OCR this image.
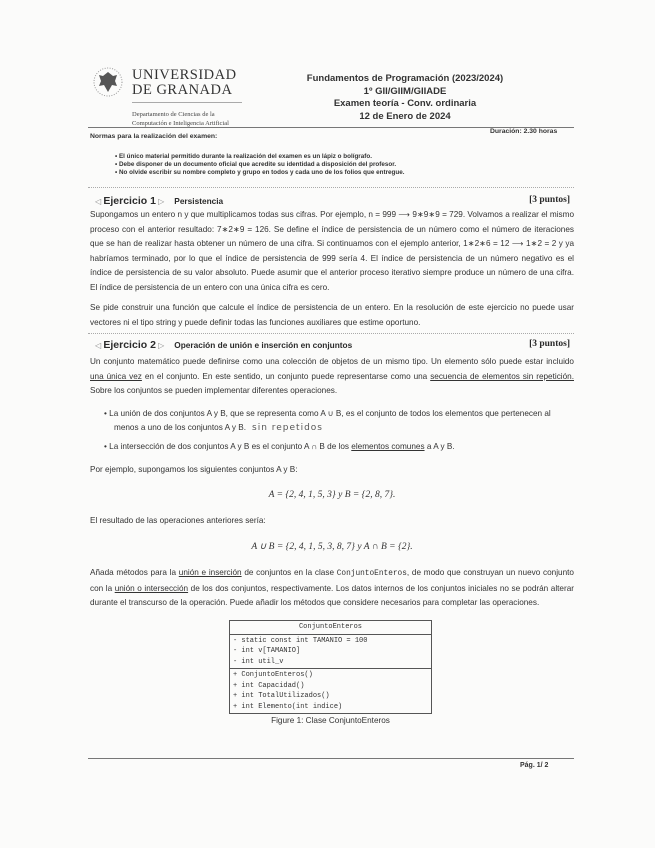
UNIVERSIDAD
DE GRANADA
Departamento de Ciencias de la
Computación e Inteligencia Artificial
Fundamentos de Programación (2023/2024)
1º GII/GIIM/GIIADE
Examen teoría - Conv. ordinaria
12 de Enero de 2024
Normas para la realización del examen:
Duración: 2.30 horas
• El único material permitido durante la realización del examen es un lápiz o bolígrafo.
• Debe disponer de un documento oficial que acredite su identidad a disposición del profesor.
• No olvide escribir su nombre completo y grupo en todos y cada uno de los folios que entregue.
◁ Ejercicio 1 ▷ Persistencia	[3 puntos]

Supongamos un entero n y que multiplicamos todas sus cifras. Por ejemplo, n = 999 ⟶ 9∗9∗9 = 729. Volvamos a realizar el mismo proceso con el anterior resultado: 7∗2∗9 = 126. Se define el índice de persistencia de un número como el número de iteraciones que se han de realizar hasta obtener un número de una cifra. Si continuamos con el ejemplo anterior, 1∗2∗6 = 12 ⟶ 1∗2 = 2 y ya habríamos terminado, por lo que el índice de persistencia de 999 sería 4. El índice de persistencia de un número negativo es el índice de persistencia de su valor absoluto. Puede asumir que el anterior proceso iterativo siempre produce un número de una cifra. El índice de persistencia de un entero con una única cifra es cero.

Se pide construir una función que calcule el índice de persistencia de un entero. En la resolución de este ejercicio no puede usar vectores ni el tipo string y puede definir todas las funciones auxiliares que estime oportuno.

◁ Ejercicio 2 ▷ Operación de unión e inserción en conjuntos	[3 puntos]

Un conjunto matemático puede definirse como una colección de objetos de un mismo tipo. Un elemento sólo puede estar incluido una única vez en el conjunto. En este sentido, un conjunto puede representarse como una secuencia de elementos sin repetición. Sobre los conjuntos se pueden implementar diferentes operaciones.

• La unión de dos conjuntos A y B, que se representa como A ∪ B, es el conjunto de todos los elementos que pertenecen al menos a uno de los conjuntos A y B. sin repetidos
• La intersección de dos conjuntos A y B es el conjunto A ∩ B de los elementos comunes a A y B.
Por ejemplo, supongamos los siguientes conjuntos A y B:
A = {2, 4, 1, 5, 3} y B = {2, 8, 7}.
El resultado de las operaciones anteriores sería:
A ∪ B = {2, 4, 1, 5, 3, 8, 7} y A ∩ B = {2}.
Añada métodos para la unión e inserción de conjuntos en la clase ConjuntoEnteros, de modo que construyan un nuevo conjunto con la unión o intersección de los dos conjuntos, respectivamente. Los datos internos de los conjuntos iniciales no se podrán alterar durante el transcurso de la operación. Puede añadir los métodos que considere necesarios para completar las operaciones.
ConjuntoEnteros

- static const int TAMANIO = 100
- int v[TAMANIO]
- int util_v

+ ConjuntoEnteros()
+ int Capacidad()
+ int TotalUtilizados()
+ int Elemento(int indice)
Figure 1: Clase ConjuntoEnteros
Pág. 1/ 2
